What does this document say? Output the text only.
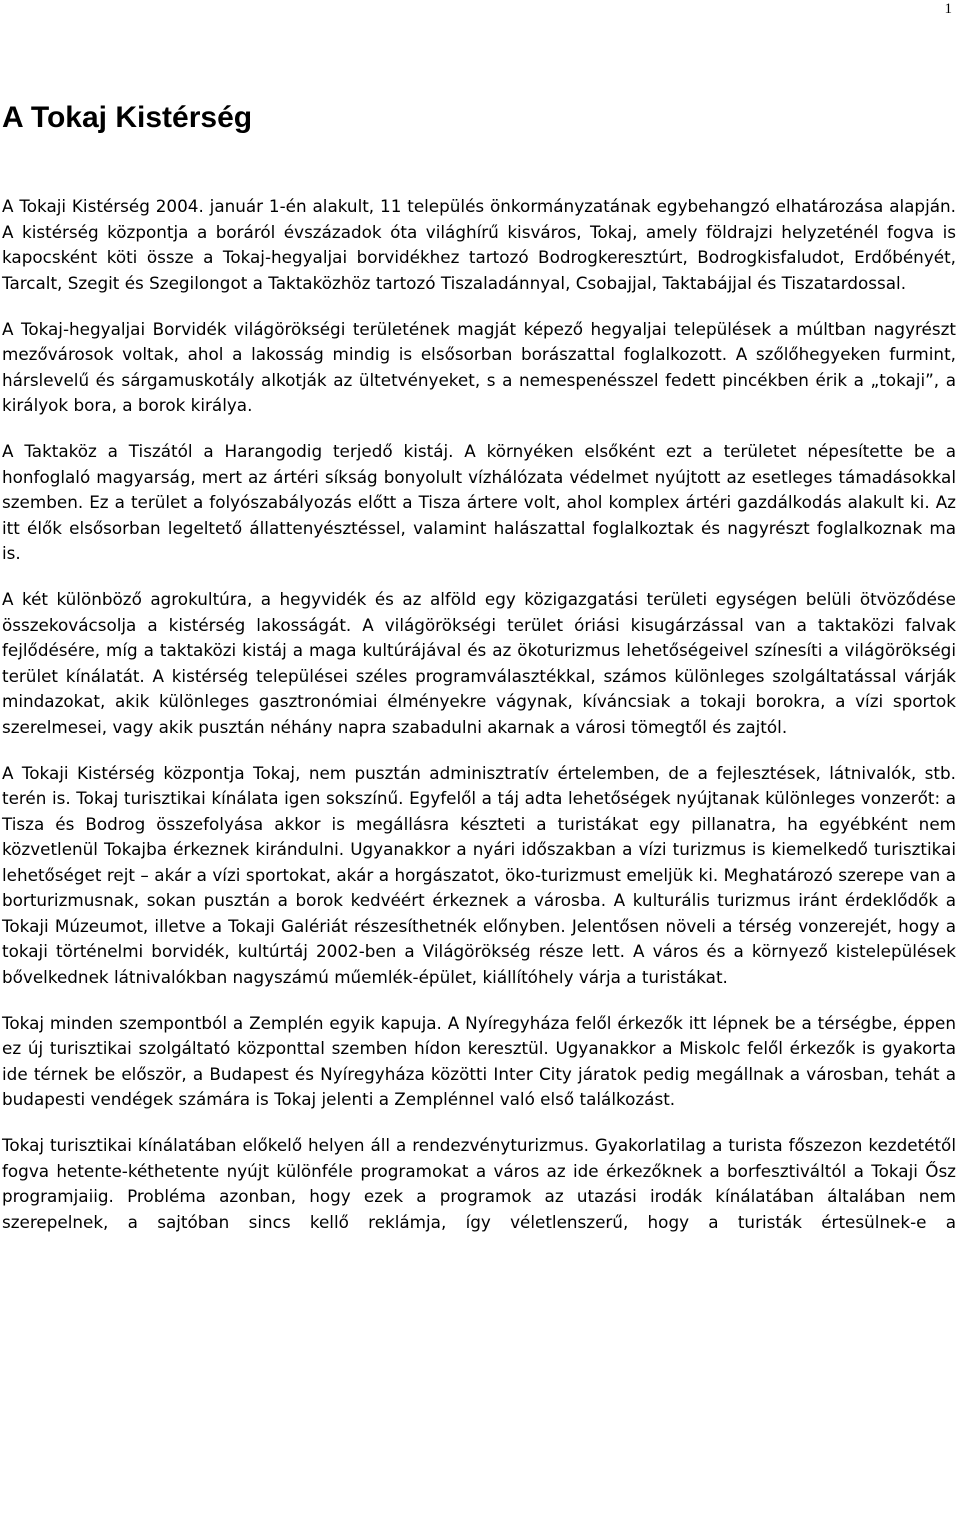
1
A Tokaj Kistérség

A Tokaji Kistérség 2004. január 1-én alakult, 11 település önkormányzatának egybehangzó elhatározása alapján. A kistérség központja a boráról évszázadok óta világhírű kisváros, Tokaj, amely földrajzi helyzeténél fogva is kapocsként köti össze a Tokaj-hegyaljai borvidékhez tartozó Bodrogkeresztúrt, Bodrogkisfaludot, Erdőbényét, Tarcalt, Szegit és Szegilongot a Taktaközhöz tartozó Tiszaladánnyal, Csobajjal, Taktabájjal és Tiszatardossal.

A Tokaj-hegyaljai Borvidék világörökségi területének magját képező hegyaljai települések a múltban nagyrészt mezővárosok voltak, ahol a lakosság mindig is elsősorban borászattal foglalkozott. A szőlőhegyeken furmint, hárslevelű és sárgamuskotály alkotják az ültetvényeket, s a nemespenésszel fedett pincékben érik a „tokaji”, a királyok bora, a borok királya.

A Taktaköz a Tiszától a Harangodig terjedő kistáj. A környéken elsőként ezt a területet népesítette be a honfoglaló magyarság, mert az ártéri síkság bonyolult vízhálózata védelmet nyújtott az esetleges támadásokkal szemben. Ez a terület a folyószabályozás előtt a Tisza ártere volt, ahol komplex ártéri gazdálkodás alakult ki. Az itt élők elsősorban legeltető állattenyésztéssel, valamint halászattal foglalkoztak és nagyrészt foglalkoznak ma is.

A két különböző agrokultúra, a hegyvidék és az alföld egy közigazgatási területi egységen belüli ötvöződése összekovácsolja a kistérség lakosságát. A világörökségi terület óriási kisugárzással van a taktaközi falvak fejlődésére, míg a taktaközi kistáj a maga kultúrájával és az ökoturizmus lehetőségeivel színesíti a világörökségi terület kínálatát. A kistérség települései széles programválasztékkal, számos különleges szolgáltatással várják mindazokat, akik különleges gasztronómiai élményekre vágynak, kíváncsiak a tokaji borokra, a vízi sportok szerelmesei, vagy akik pusztán néhány napra szabadulni akarnak a városi tömegtől és zajtól.

A Tokaji Kistérség központja Tokaj, nem pusztán adminisztratív értelemben, de a fejlesztések, látnivalók, stb. terén is. Tokaj turisztikai kínálata igen sokszínű. Egyfelől a táj adta lehetőségek nyújtanak különleges vonzerőt: a Tisza és Bodrog összefolyása akkor is megállásra készteti a turistákat egy pillanatra, ha egyébként nem közvetlenül Tokajba érkeznek kirándulni. Ugyanakkor a nyári időszakban a vízi turizmus is kiemelkedő turisztikai lehetőséget rejt – akár a vízi sportokat, akár a horgászatot, öko-turizmust emeljük ki. Meghatározó szerepe van a borturizmusnak, sokan pusztán a borok kedvéért érkeznek a városba. A kulturális turizmus iránt érdeklődők a Tokaji Múzeumot, illetve a Tokaji Galériát részesíthetnék előnyben. Jelentősen növeli a térség vonzerejét, hogy a tokaji történelmi borvidék, kultúrtáj 2002-ben a Világörökség része lett. A város és a környező kistelepülések bővelkednek látnivalókban nagyszámú műemlék-épület, kiállítóhely várja a turistákat.

Tokaj minden szempontból a Zemplén egyik kapuja. A Nyíregyháza felől érkezők itt lépnek be a térségbe, éppen ez új turisztikai szolgáltató központtal szemben hídon keresztül. Ugyanakkor a Miskolc felől érkezők is gyakorta ide térnek be először, a Budapest és Nyíregyháza közötti Inter City járatok pedig megállnak a városban, tehát a budapesti vendégek számára is Tokaj jelenti a Zemplénnel való első találkozást.

Tokaj turisztikai kínálatában előkelő helyen áll a rendezvényturizmus. Gyakorlatilag a turista főszezon kezdetétől fogva hetente-kéthetente nyújt különféle programokat a város az ide érkezőknek a borfesztiváltól a Tokaji Ősz programjaiig. Probléma azonban, hogy ezek a programok az utazási irodák kínálatában általában nem szerepelnek, a sajtóban sincs kellő reklámja, így véletlenszerű, hogy a turisták értesülnek-e a
